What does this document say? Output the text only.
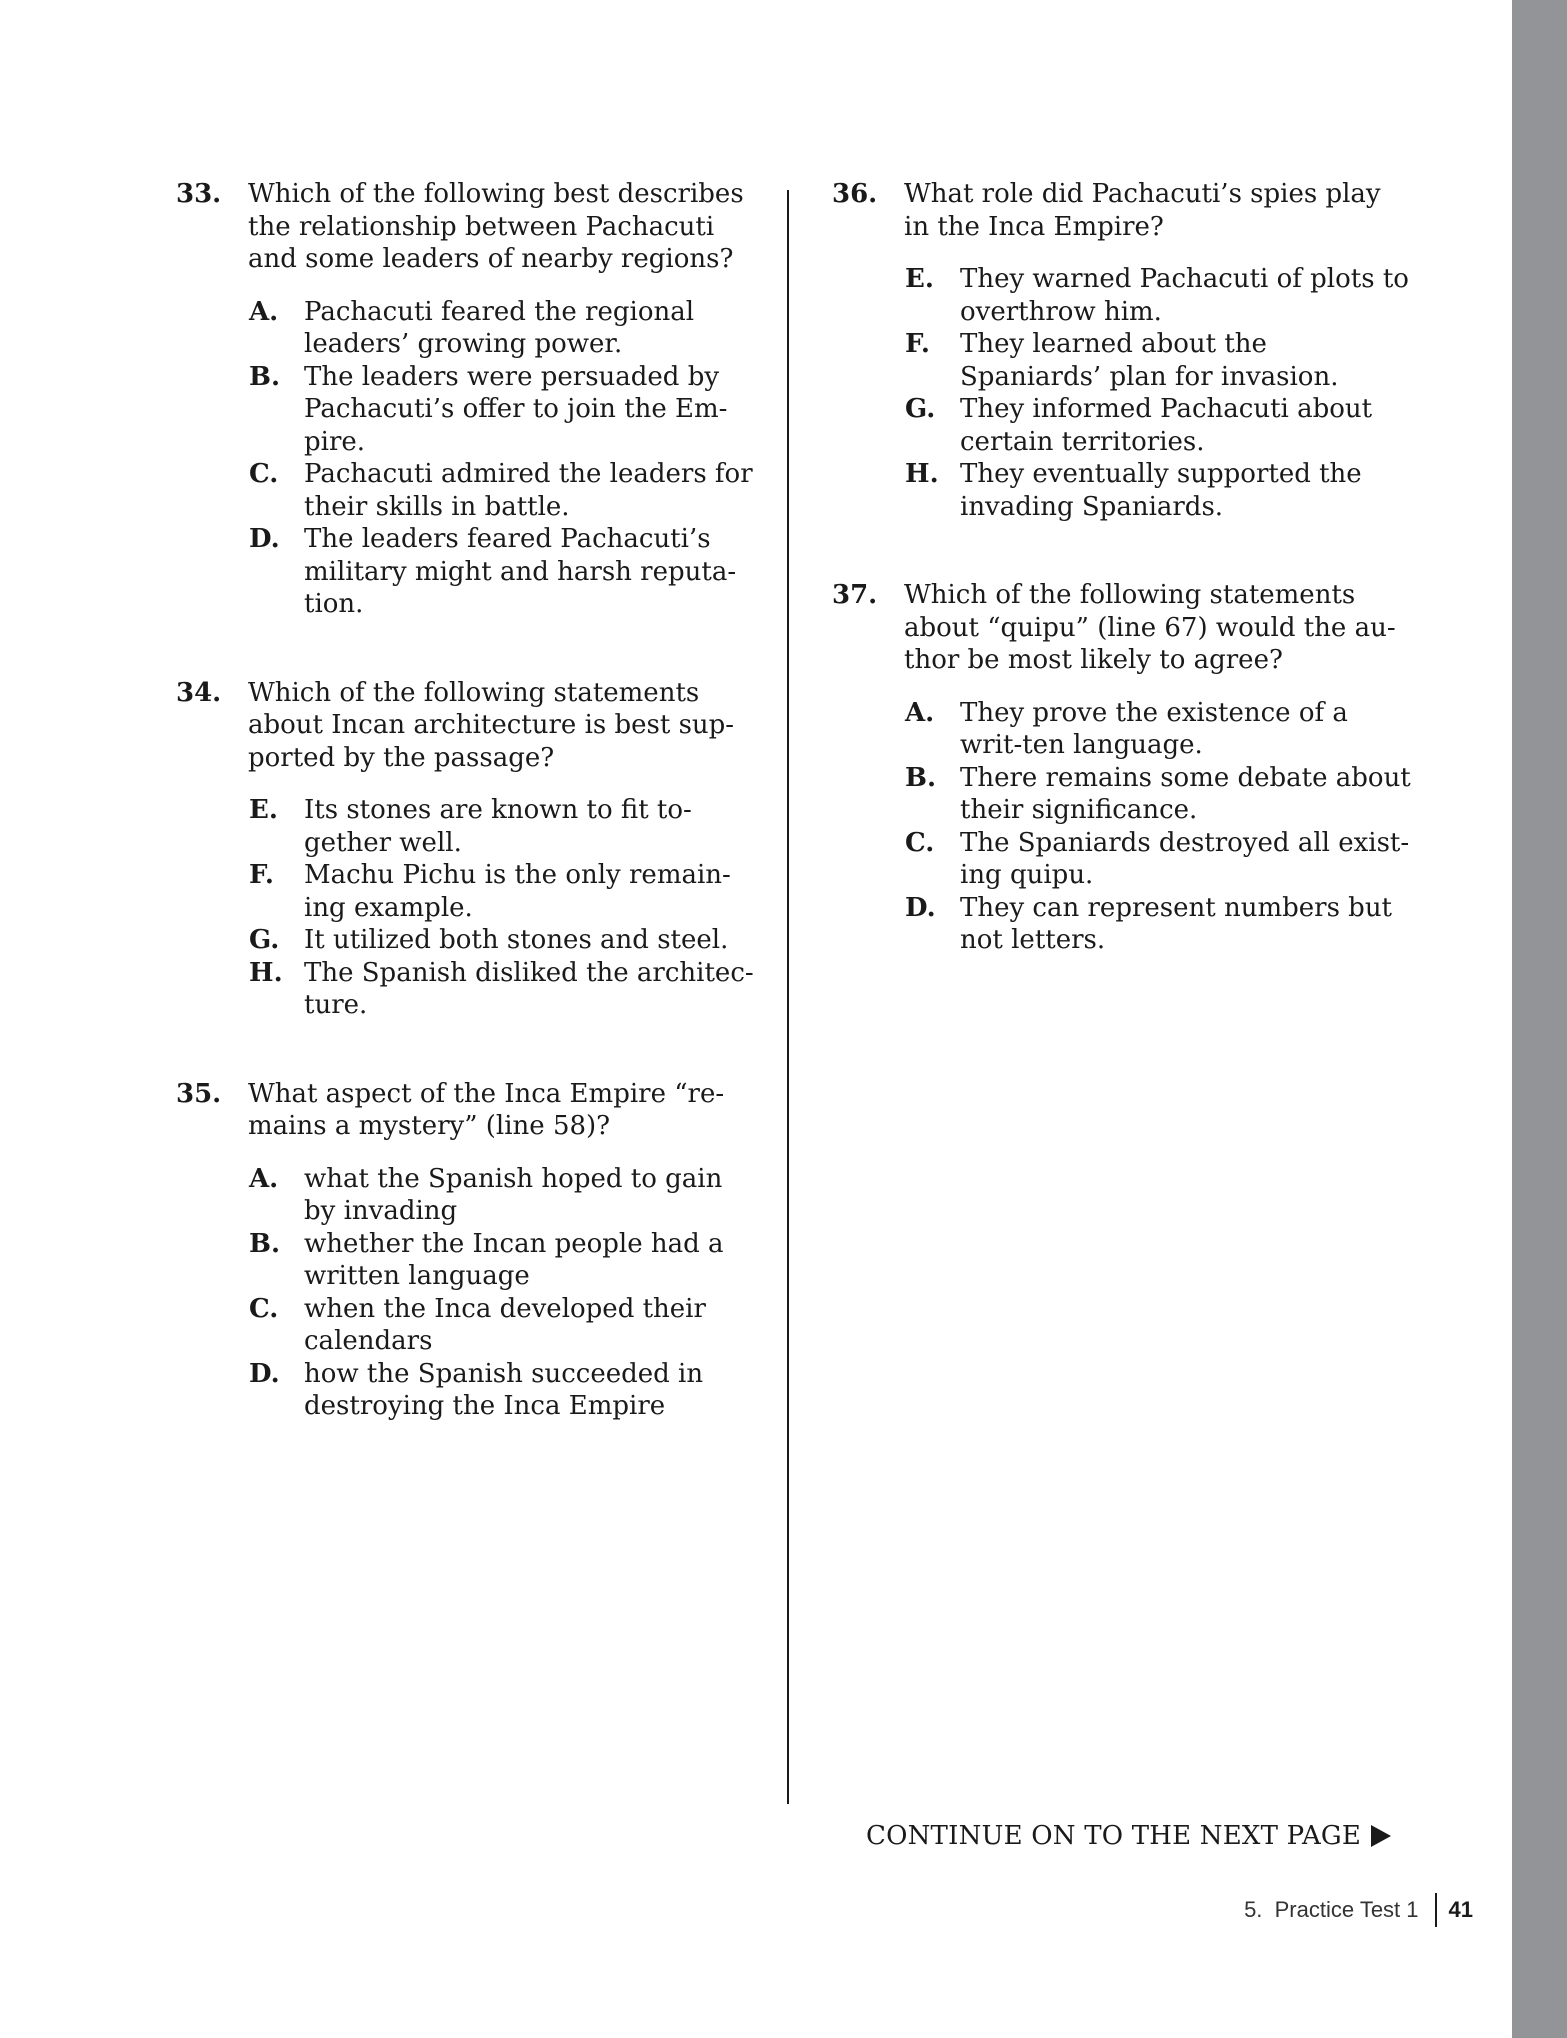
33.	Which of the following best describes the relationship between Pachacuti and some leaders of nearby regions?
A. Pachacuti feared the regional leaders’ growing power.
B. The leaders were persuaded by Pachacuti’s offer to join the Em-pire.
C. Pachacuti admired the leaders for their skills in battle.
D. The leaders feared Pachacuti’s military might and harsh reputa-tion.
34.	Which of the following statements about Incan architecture is best sup-ported by the passage?
E.	Its stones are known to fit to-gether well.
F.	Machu Pichu is the only remain-ing example.
G. It utilized both stones and steel.
H. The Spanish disliked the architec-ture.
35.	What aspect of the Inca Empire “re-mains a mystery” (line 58)?
A. what the Spanish hoped to gain by invading
B. whether the Incan people had a written language
C. when the Inca developed their calendars
D. how the Spanish succeeded in destroying the Inca Empire
36.	What role did Pachacuti’s spies play in the Inca Empire?
E.	They warned Pachacuti of plots to overthrow him.
F.	They learned about the Spaniards’ plan for invasion.
G. They informed Pachacuti about certain territories.
H. They eventually supported the invading Spaniards.
37.	Which of the following statements about “quipu” (line 67) would the au-thor be most likely to agree?
A. They prove the existence of a writ-ten language.
B. There remains some debate about their significance.
C. The Spaniards destroyed all exist-ing quipu.
D. They can represent numbers but not letters.
CONTINUE ON TO THE NEXT PAGE
5.  Practice Test 1 41
